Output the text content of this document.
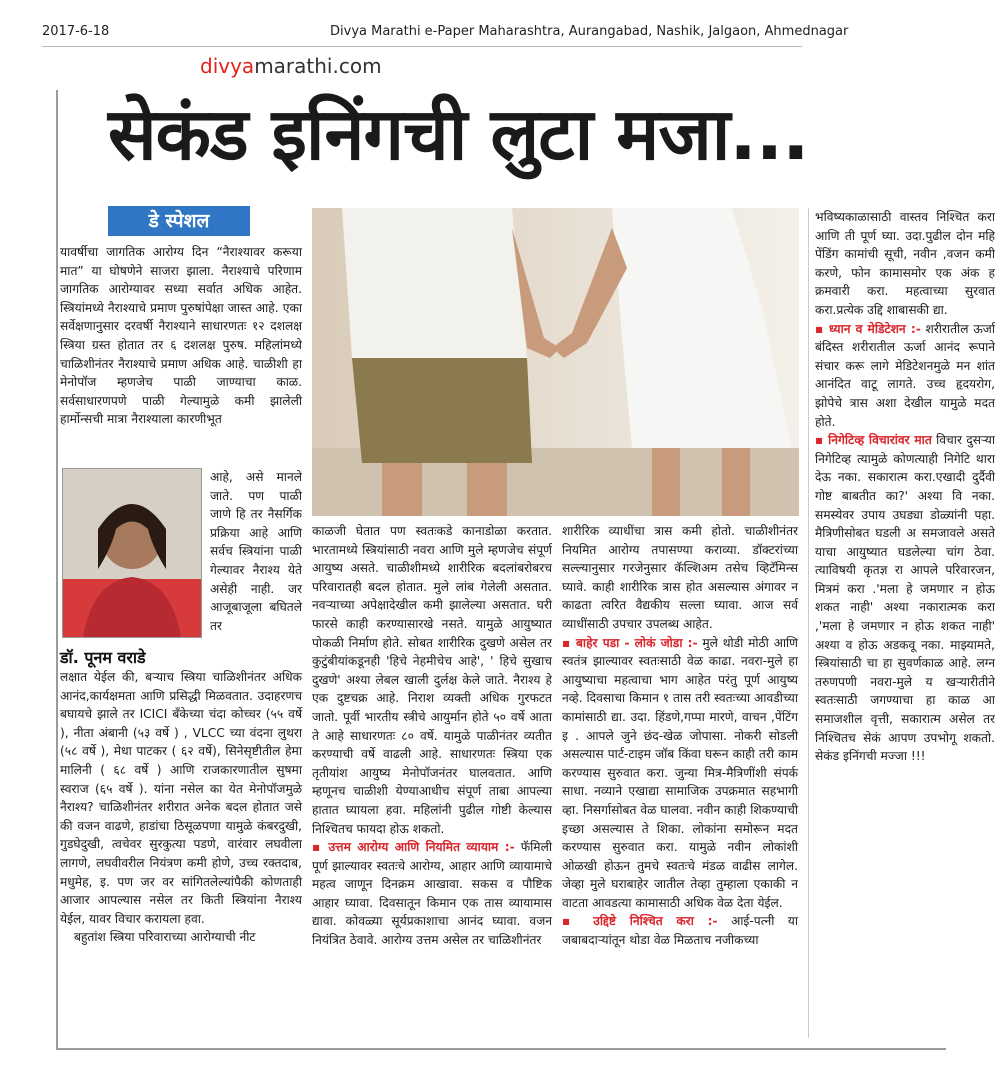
2017-6-18	Divya Marathi e-Paper Maharashtra, Aurangabad, Nashik, Jalgaon, Ahmednagar
divyamarathi.com
सेकंड इनिंगची लुटा मजा...
डे स्पेशल

यावर्षीचा जागतिक आरोग्य दिन “नैराश्यावर करूया मात” या घोषणेने साजरा झाला. नैराश्याचे परिणाम जागतिक आरोग्यावर सध्या सर्वात अधिक आहेत. स्त्रियांमध्ये नैराश्याचे प्रमाण पुरुषांपेक्षा जास्त आहे. एका सर्वेक्षणानुसार दरवर्षी नैराश्याने साधारणतः १२ दशलक्ष स्त्रिया ग्रस्त होतात तर ६ दशलक्ष पुरुष. महिलांमध्ये चाळिशीनंतर नैराश्याचे प्रमाण अधिक आहे. चाळीशी हा मेनोपॉज म्हणजेच पाळी जाण्याचा काळ. सर्वसाधारणपणे पाळी गेल्यामुळे कमी झालेली हार्मोन्सची मात्रा नैराश्याला कारणीभूत

आहे, असे मानले जाते. पण पाळी जाणे हि तर नैसर्गिक प्रक्रिया आहे आणि सर्वच स्त्रियांना पाळी गेल्यावर नैराश्य येते असेही नाही. जर आजूबाजूला बघितले तर

डॉ. पूनम वराडे

लक्षात येईल की, बऱ्याच स्त्रिया चाळिशीनंतर अधिक आनंद,कार्यक्षमता आणि प्रसिद्धी मिळवतात. उदाहरणच बघायचे झाले तर ICICI बँकेच्या चंदा कोच्चर (५५ वर्षे ), नीता अंबानी (५३ वर्षे ) , VLCC च्या वंदना लुथरा (५८ वर्षे ), मेधा पाटकर ( ६२ वर्षे), सिनेसृष्टीतील हेमा मालिनी ( ६८ वर्षे ) आणि राजकारणातील सुषमा स्वराज (६५ वर्षे ). यांना नसेल का येत मेनोपॉजमुळे नैराश्य? चाळिशीनंतर शरीरात अनेक बदल होतात जसे की वजन वाढणे, हाडांचा ठिसूळपणा यामुळे कंबरदुखी, गुडघेदुखी, त्वचेवर सुरकुत्या पडणे, वारंवार लघवीला लागणे, लघवीवरील नियंत्रण कमी होणे, उच्च रक्तदाब, मधुमेह, इ. पण जर वर सांगितलेल्यांपैकी कोणताही आजार आपल्यास नसेल तर किती स्त्रियांना नैराश्य येईल, यावर विचार करायला हवा.

बहुतांश स्त्रिया परिवाराच्या आरोग्याची नीट

काळजी घेतात पण स्वतःकडे कानाडोळा करतात. भारतामध्ये स्त्रियांसाठी नवरा आणि मुले म्हणजेच संपूर्ण आयुष्य असते. चाळीशीमध्ये शारीरिक बदलांबरोबरच परिवारातही बदल होतात. मुले लांब गेलेली असतात. नवऱ्याच्या अपेक्षादेखील कमी झालेल्या असतात. घरी फारसे काही करण्यासारखे नसते. यामुळे आयुष्यात पोकळी निर्माण होते. सोबत शारीरिक दुखणे असेल तर कुटुंबीयांकडूनही 'हिचे नेहमीचेच आहे', ' हिचे सुखाच दुखणे' अश्या लेबल खाली दुर्लक्ष केले जाते. नैराश्य हे एक दुष्टचक्र आहे. निराश व्यक्ती अधिक गुरफटत जातो. पूर्वी भारतीय स्त्रीचे आयुर्मान होते ५० वर्षे आता ते आहे साधारणतः ८० वर्षे. यामुळे पाळीनंतर व्यतीत करण्याची वर्षे वाढली आहे. साधारणतः स्त्रिया एक तृतीयांश आयुष्य मेनोपॉजनंतर घालवतात. आणि म्हणूनच चाळीशी येण्याआधीच संपूर्ण ताबा आपल्या हातात घ्यायला हवा. महिलांनी पुढील गोष्टी केल्यास निश्चितच फायदा होऊ शकतो.

▪ उत्तम आरोग्य आणि नियमित व्यायाम :- फॅमिली पूर्ण झाल्यावर स्वतःचे आरोग्य, आहार आणि व्यायामाचे महत्व जाणून दिनक्रम आखावा. सकस व पौष्टिक आहार घ्यावा. दिवसातून किमान एक तास व्यायामास द्यावा. कोवळ्या सूर्यप्रकाशाचा आनंद घ्यावा. वजन नियंत्रित ठेवावे. आरोग्य उत्तम असेल तर चाळिशीनंतर

शारीरिक व्याधींचा त्रास कमी होतो. चाळीशीनंतर नियमित आरोग्य तपासण्या कराव्या. डॉक्टरांच्या सल्ल्यानुसार गरजेनुसार कॅल्शिअम तसेच व्हिटॅमिन्स घ्यावे. काही शारीरिक त्रास होत असल्यास अंगावर न काढता त्वरित वैद्यकीय सल्ला घ्यावा. आज सर्व व्याधींसाठी उपचार उपलब्ध आहेत.

▪ बाहेर पडा - लोकं जोडा :- मुले थोडी मोठी आणि स्वतंत्र झाल्यावर स्वतःसाठी वेळ काढा. नवरा-मुले हा आयुष्याचा महत्वाचा भाग आहेत परंतु पूर्ण आयुष्य नव्हे. दिवसाचा किमान १ तास तरी स्वतःच्या आवडीच्या कामांसाठी द्या. उदा. हिंडणे,गप्पा मारणे, वाचन ,पेंटिंग इ . आपले जुने छंद-खेळ जोपासा. नोकरी सोडली असल्यास पार्ट-टाइम जॉब किंवा घरून काही तरी काम करण्यास सुरुवात करा. जुन्या मित्र-मैत्रिणींशी संपर्क साधा. नव्याने एखाद्या सामाजिक उपक्रमात सहभागी व्हा. निसर्गासोबत वेळ घालवा. नवीन काही शिकण्याची इच्छा असल्यास ते शिका. लोकांना समोरून मदत करण्यास सुरुवात करा. यामुळे नवीन लोकांशी ओळखी होऊन तुमचे स्वतःचे मंडळ वाढीस लागेल. जेव्हा मुले घराबाहेर जातील तेव्हा तुम्हाला एकाकी न वाटता आवडत्या कामासाठी अधिक वेळ देता येईल.

▪ उद्दिष्टे निश्चित करा :- आई-पत्नी या जबाबदाऱ्यांतून थोडा वेळ मिळताच नजीकच्या

भविष्यकाळासाठी वास्तव निश्चित करा आणि ती पूर्ण घ्या. उदा.पुढील दोन महि पेंडिंग कामांची सूची, नवीन ,वजन कमी करणे, फोन कामासमोर एक अंक ह क्रमवारी करा. महत्वाच्या सुरवात करा.प्रत्येक उद्दि शाबासकी द्या.

▪ ध्यान व मेडिटेशन :- शरीरातील ऊर्जा बंदिस्त शरीरातील ऊर्जा आनंद रूपाने संचार करू लागे मेडिटेशनमुळे मन शांत आनंदित वाटू लागते. उच्च हृदयरोग, झोपेचे त्रास अशा देखील यामुळे मदत होते.

▪ निगेटिव्ह विचारांवर मात विचार दुसऱ्या निगेटिव्ह त्यामुळे कोणत्याही निगेटि थारा देऊ नका. सकारात्म करा.एखादी दुर्दैवी गोष्ट बाबतीत का?' अश्या वि नका. समस्येवर उपाय उघड्या डोळ्यांनी पहा. मैत्रिणीसोबत घडली अ समजावले असते याचा आयुष्यात घडलेल्या चांग ठेवा. त्याविषयी कृतज्ञ रा आपले परिवारजन, मित्रमं करा .'मला हे जमणार न होऊ शकत नाही' अश्या नकारात्मक करा ,'मला हे जमणार न होऊ शकत नाही' अश्या व होऊ अडकवू नका. माझ्यामते, स्त्रियांसाठी चा हा सुवर्णकाळ आहे. लग्न तरुणपणी नवरा-मुले य खऱ्यारीतीने स्वतःसाठी जगण्याचा हा काळ आ समाजशील वृत्ती, सकारात्म असेल तर निश्चितच सेकं आपण उपभोगू शकतो. सेकंड इनिंगची मज्जा !!!
